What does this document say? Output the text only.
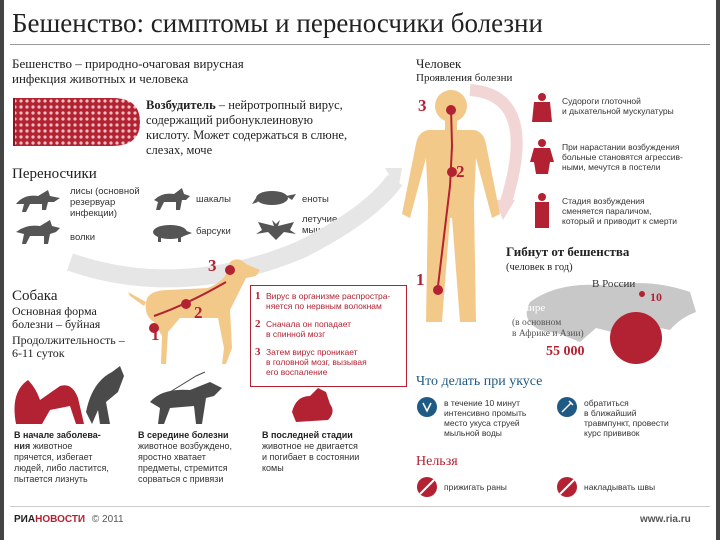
Бешенство: симптомы и переносчики болезни
Бешенство – природно-очаговая вирусная
инфекция животных и человека
Возбудитель – нейротропный вирус,
содержащий рибонуклеиновую
кислоту. Может содержаться в слюне,
слезах, моче
Переносчики
лисы (основной
резервуар
инфекции)
волки
шакалы
барсуки
еноты
летучие
мыши
Собака
Основная форма
болезни – буйная
Продолжительность –
6-11 суток
1
2
3
1 Вирус в организме распростра-
няется по нервным волокнам
2 Сначала он попадает
в спинной мозг
3 Затем вирус проникает
в головной мозг, вызывая
его воспаление
В начале заболева-
ния животное
прячется, избегает
людей, либо ластится,
пытается лизнуть
В середине болезни
животное возбуждено,
яростно хватает
предметы, стремится
сорваться с привязи
В последней стадии
животное не двигается
и погибает в состоянии
комы
Человек
Проявления болезни
3
2
1
Судороги глоточной
и дыхательной мускулатуры
При нарастании возбуждения
больные становятся агрессив-
ными, мечутся в постели
Стадия возбуждения
сменяется параличом,
который и приводит к смерти
Гибнут от бешенства
(человек в год)
В России
10
В мире
(в основном
в Африке и Азии)
55 000
Что делать при укусе
в течение 10 минут
интенсивно промыть
место укуса струей
мыльной воды
обратиться
в ближайший
травмпункт, провести
курс прививок
Нельзя
прижигать раны	накладывать швы
РИАНОВОСТИ © 2011	www.ria.ru
